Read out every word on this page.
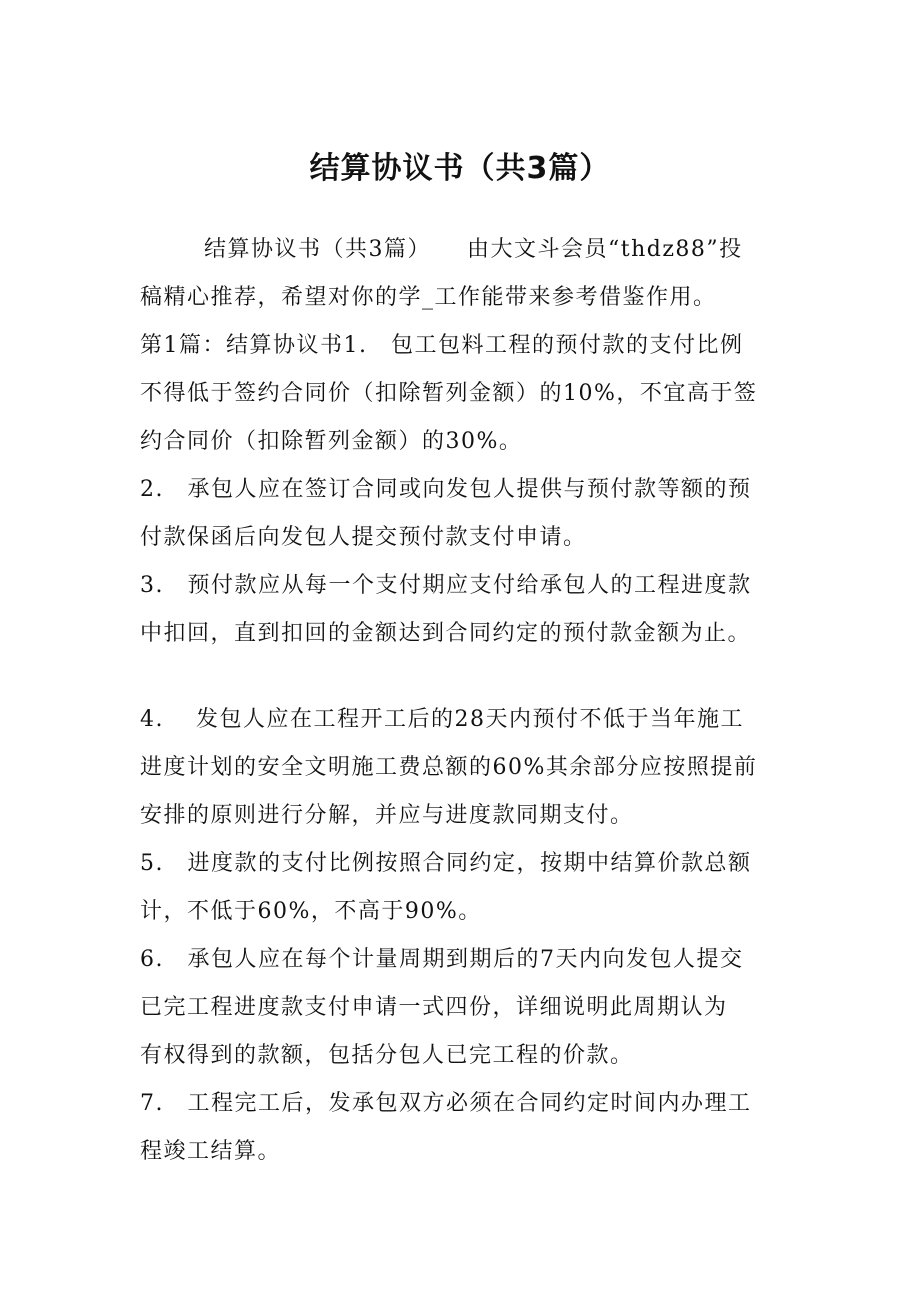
结算协议书（共3篇）
结算协议书（共3篇）　　由大文斗会员“thdz88”投
稿精心推荐，希望对你的学_工作能带来参考借鉴作用。
第1篇：结算协议书1.　包工包料工程的预付款的支付比例
不得低于签约合同价（扣除暂列金额）的10%，不宜高于签
约合同价（扣除暂列金额）的30%。
2.　承包人应在签订合同或向发包人提供与预付款等额的预
付款保函后向发包人提交预付款支付申请。
3.　预付款应从每一个支付期应支付给承包人的工程进度款
中扣回，直到扣回的金额达到合同约定的预付款金额为止。
4.　 发包人应在工程开工后的28天内预付不低于当年施工
进度计划的安全文明施工费总额的60%其余部分应按照提前
安排的原则进行分解，并应与进度款同期支付。
5.　进度款的支付比例按照合同约定，按期中结算价款总额
计，不低于60%，不高于90%。
6.　承包人应在每个计量周期到期后的7天内向发包人提交
已完工程进度款支付申请一式四份，详细说明此周期认为
有权得到的款额，包括分包人已完工程的价款。
7.　工程完工后，发承包双方必须在合同约定时间内办理工
程竣工结算。
